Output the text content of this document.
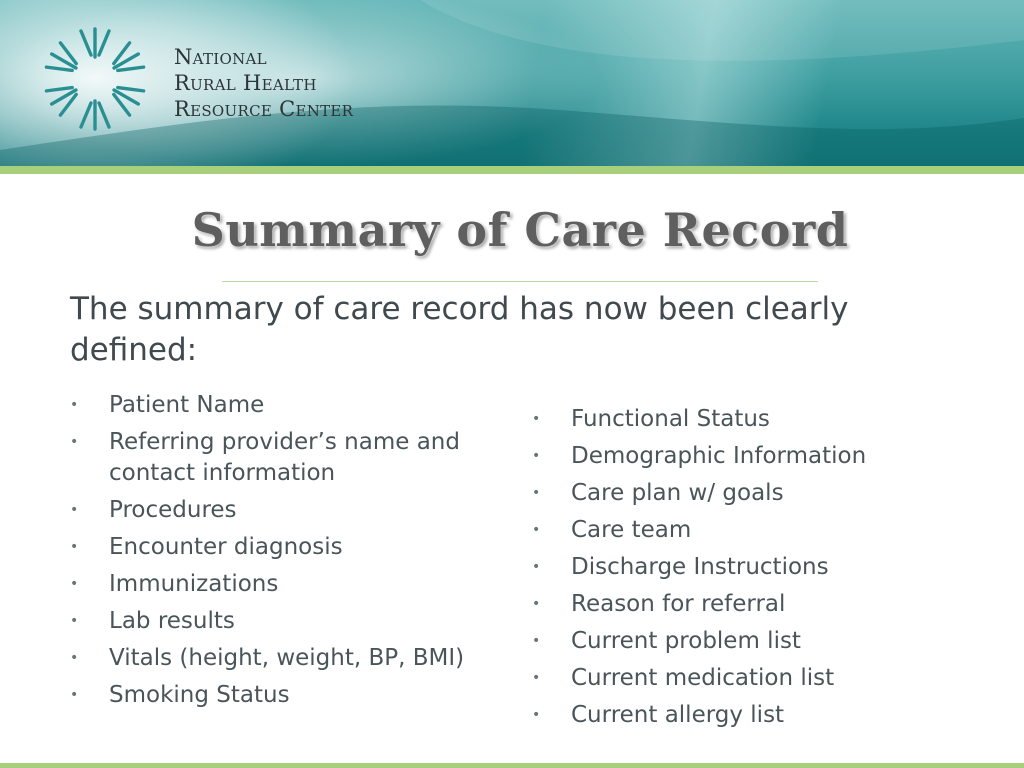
National
Rural Health
Resource Center
Summary of Care Record
The summary of care record has now been clearly defined:
• Patient Name
• Referring provider’s name and contact information
• Procedures
• Encounter diagnosis
• Immunizations
• Lab results
• Vitals (height, weight, BP, BMI)
• Smoking Status
• Functional Status
• Demographic Information
• Care plan w/ goals
• Care team
• Discharge Instructions
• Reason for referral
• Current problem list
• Current medication list
• Current allergy list
